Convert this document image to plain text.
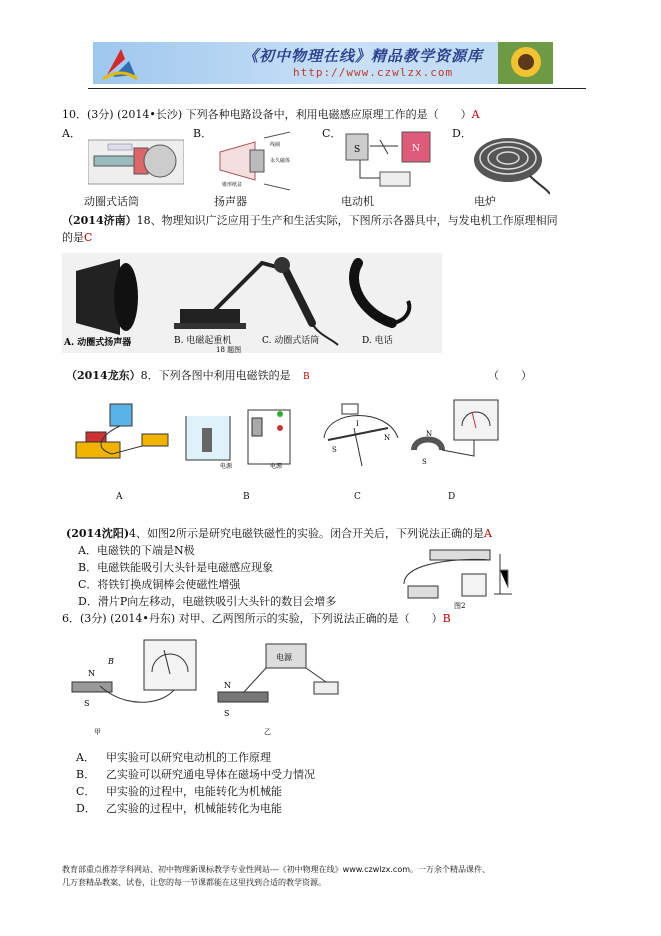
《初中物理在线》精品教学资源库
http://www.czwlzx.com
10．(3分) (2014•长沙) 下列各种电路设备中，利用电磁感应原理工作的是（　　）A
A．	B．	C．	D．
线圈
永久磁体
锥形纸盆
S	N
动圈式话筒	扬声器	电动机	电炉
（2014济南）18、物理知识广泛应用于生产和生活实际，下图所示各器具中，与发电机工作原理相同
的是C
A. 动圈式扬声器	B. 电磁起重机	C. 动圈式话筒	D. 电话
18 题图
（2014龙东）8．下列各图中利用电磁铁的是 B	（　　）
电源	电源
N
S
I
N
S
A	B	C	D
(2014沈阳)4、如图2所示是研究电磁铁磁性的实验。闭合开关后，下列说法正确的是A
A．电磁铁的下端是N极
B．电磁铁能吸引大头针是电磁感应现象
C．将铁钉换成铜棒会使磁性增强
D．滑片P向左移动，电磁铁吸引大头针的数目会增多	图2
6．(3分) (2014•丹东) 对甲、乙两图所示的实验，下列说法正确的是（　　）B
N
B
S
甲
电源
N
S
乙
A． 甲实验可以研究电动机的工作原理
B． 乙实验可以研究通电导体在磁场中受力情况
C． 甲实验的过程中，电能转化为机械能
D． 乙实验的过程中，机械能转化为电能
教育部重点推荐学科网站、初中物理新课标教学专业性网站---《初中物理在线》www.czwlzx.com。一万余个精品课件、
几万套精品教案、试卷，让您的每一节课都能在这里找到合适的教学资源。
